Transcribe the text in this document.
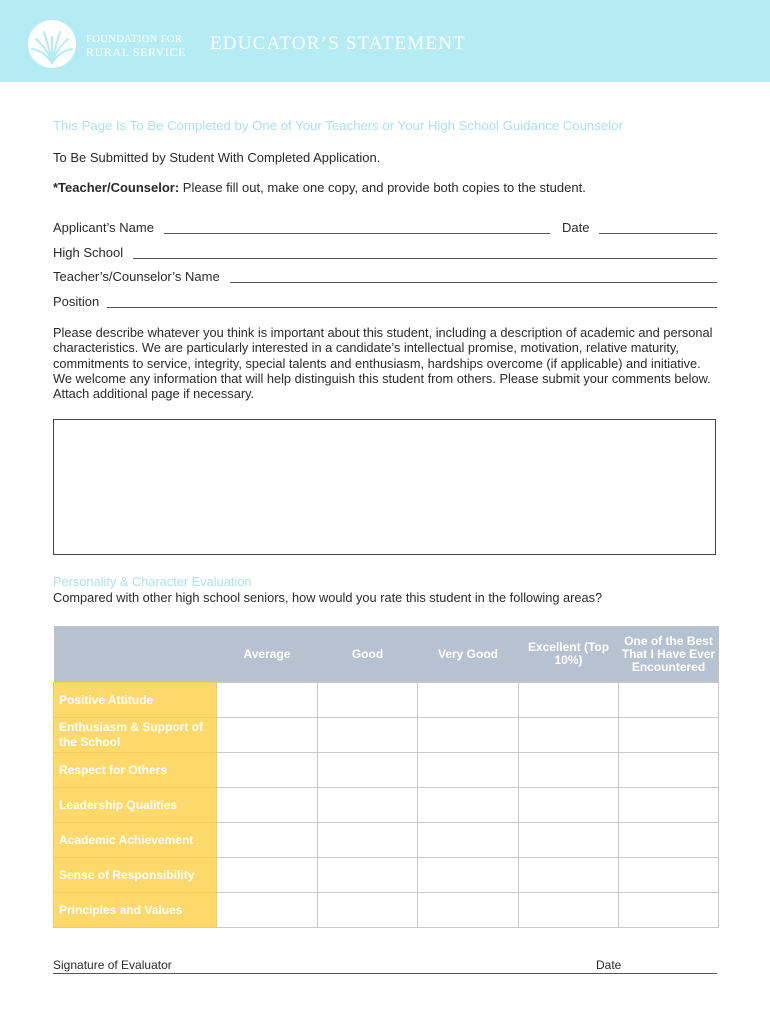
FOUNDATION FOR
RURAL SERVICE EDUCATOR’S STATEMENT
This Page Is To Be Completed by One of Your Teachers or Your High School Guidance Counselor
To Be Submitted by Student With Completed Application.
*Teacher/Counselor: Please fill out, make one copy, and provide both copies to the student.
Applicant’s Name	Date
High School
Teacher’s/Counselor’s Name
Position
Please describe whatever you think is important about this student, including a description of academic and personal characteristics. We are particularly interested in a candidate’s intellectual promise, motivation, relative maturity, commitments to service, integrity, special talents and enthusiasm, hardships overcome (if applicable) and initiative. We welcome any information that will help distinguish this student from others. Please submit your comments below. Attach additional page if necessary.
Personality & Character Evaluation
Compared with other high school seniors, how would you rate this student in the following areas?
	Average	Good	Very Good	Excellent (Top 10%)	One of the Best That I Have Ever Encountered
Positive Attitude					
Enthusiasm & Support of the School					
Respect for Others					
Leadership Qualities					
Academic Achievement					
Sense of Responsibility					
Principles and Values					
Signature of Evaluator	Date
